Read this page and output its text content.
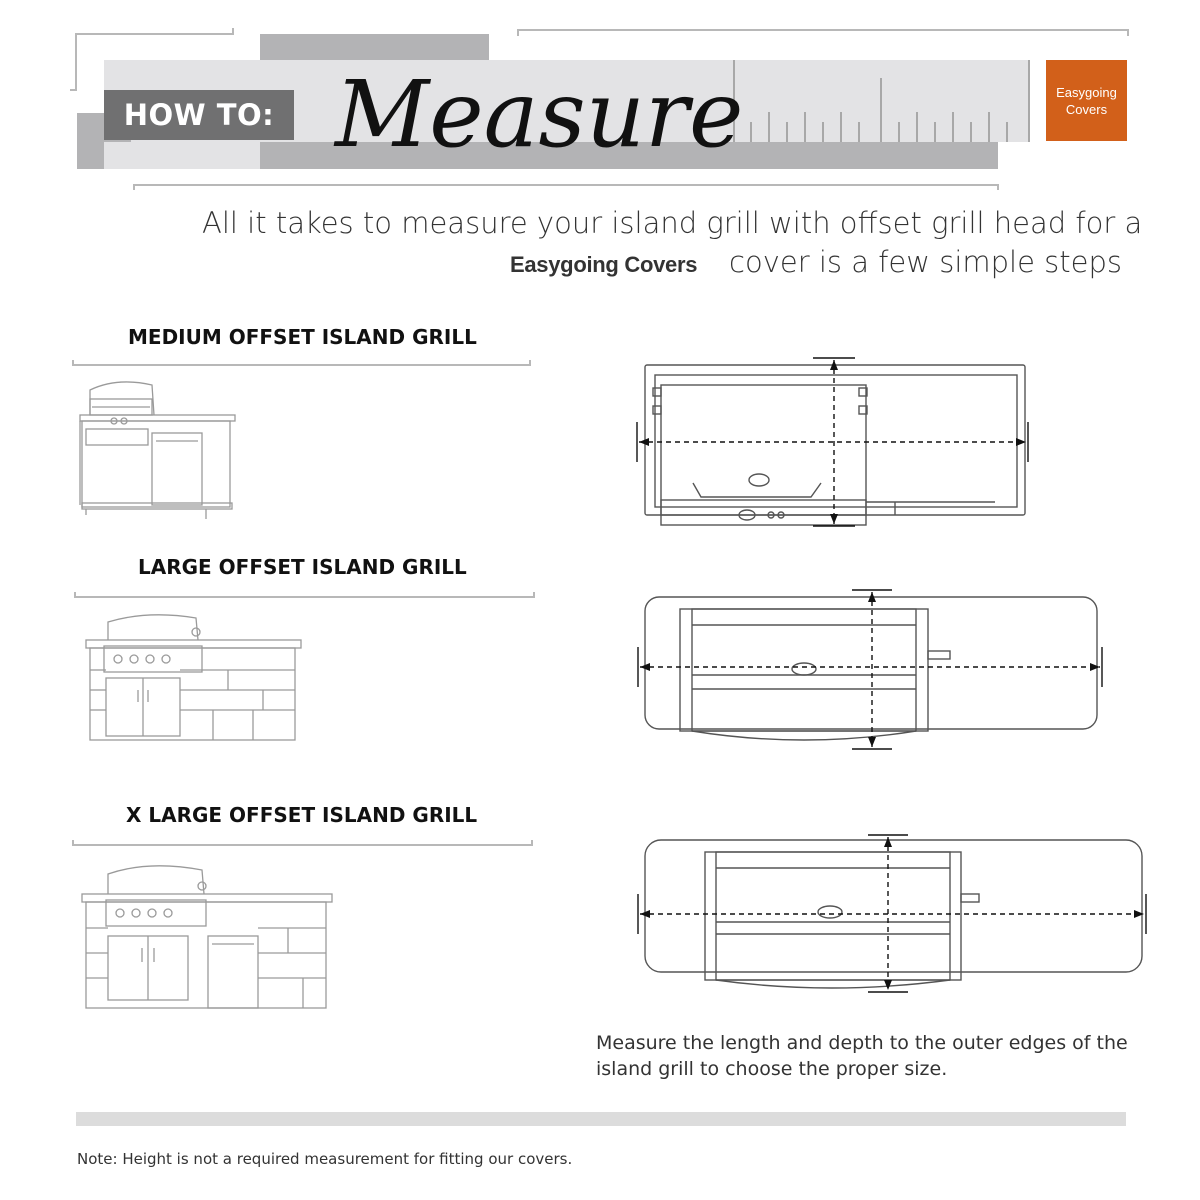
HOW TO: Measure	Easygoing
Covers
All it takes to measure your island grill with offset grill head for a
Easygoing Covers	cover is a few simple steps
MEDIUM OFFSET ISLAND GRILL
LARGE OFFSET ISLAND GRILL
X LARGE OFFSET ISLAND GRILL
Measure the length and depth to the outer edges of the island grill to choose the proper size.
Note: Height is not a required measurement for fitting our covers.
